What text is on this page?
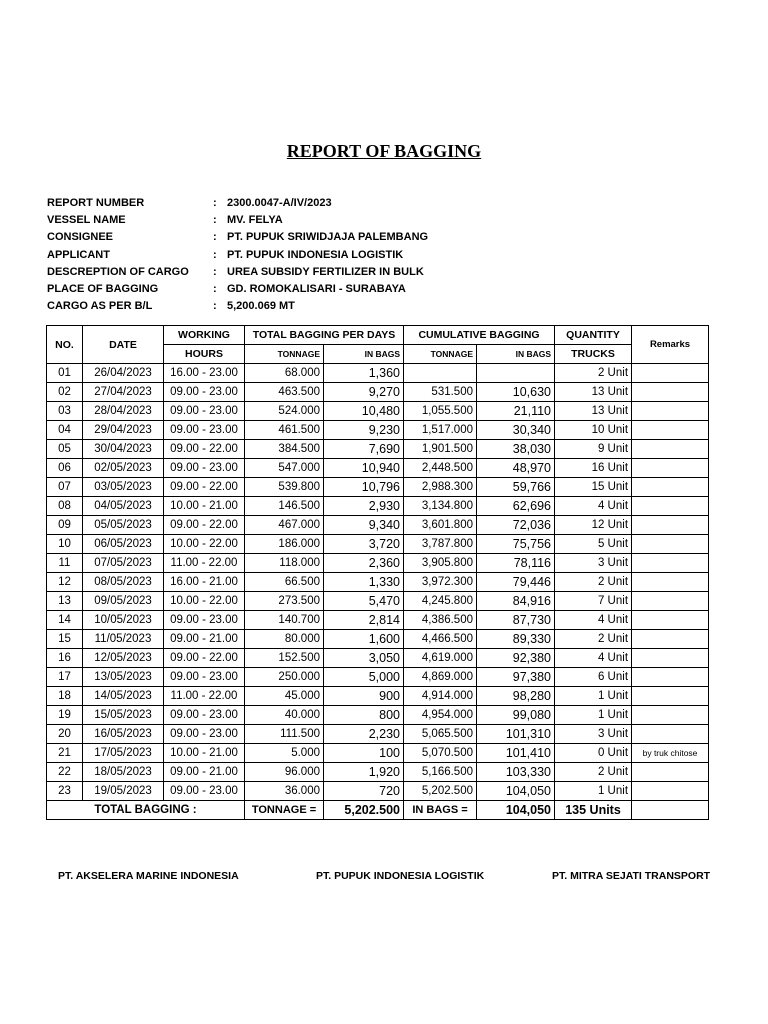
REPORT OF BAGGING
REPORT NUMBER	: 2300.0047-A/IV/2023
VESSEL NAME	: MV. FELYA
CONSIGNEE	: PT. PUPUK SRIWIDJAJA PALEMBANG
APPLICANT	: PT. PUPUK INDONESIA LOGISTIK
DESCREPTION OF CARGO	: UREA SUBSIDY FERTILIZER IN BULK
PLACE OF BAGGING	: GD. ROMOKALISARI - SURABAYA
CARGO AS PER B/L	: 5,200.069 MT
NO.	DATE	WORKING	TOTAL BAGGING PER DAYS		CUMULATIVE BAGGING		QUANTITY	Remarks
		HOURS	TONNAGE	IN BAGS	TONNAGE	IN BAGS	TRUCKS	
01	26/04/2023	16.00 - 23.00	68.000	1,360			2 Unit	
02	27/04/2023	09.00 - 23.00	463.500	9,270	531.500	10,630	13 Unit	
03	28/04/2023	09.00 - 23.00	524.000	10,480	1,055.500	21,110	13 Unit	
04	29/04/2023	09.00 - 23.00	461.500	9,230	1,517.000	30,340	10 Unit	
05	30/04/2023	09.00 - 22.00	384.500	7,690	1,901.500	38,030	9 Unit	
06	02/05/2023	09.00 - 23.00	547.000	10,940	2,448.500	48,970	16 Unit	
07	03/05/2023	09.00 - 22.00	539.800	10,796	2,988.300	59,766	15 Unit	
08	04/05/2023	10.00 - 21.00	146.500	2,930	3,134.800	62,696	4 Unit	
09	05/05/2023	09.00 - 22.00	467.000	9,340	3,601.800	72,036	12 Unit	
10	06/05/2023	10.00 - 22.00	186.000	3,720	3,787.800	75,756	5 Unit	
11	07/05/2023	11.00 - 22.00	118.000	2,360	3,905.800	78,116	3 Unit	
12	08/05/2023	16.00 - 21.00	66.500	1,330	3,972.300	79,446	2 Unit	
13	09/05/2023	10.00 - 22.00	273.500	5,470	4,245.800	84,916	7 Unit	
14	10/05/2023	09.00 - 23.00	140.700	2,814	4,386.500	87,730	4 Unit	
15	11/05/2023	09.00 - 21.00	80.000	1,600	4,466.500	89,330	2 Unit	
16	12/05/2023	09.00 - 22.00	152.500	3,050	4,619.000	92,380	4 Unit	
17	13/05/2023	09.00 - 23.00	250.000	5,000	4,869.000	97,380	6 Unit	
18	14/05/2023	11.00 - 22.00	45.000	900	4,914.000	98,280	1 Unit	
19	15/05/2023	09.00 - 23.00	40.000	800	4,954.000	99,080	1 Unit	
20	16/05/2023	09.00 - 23.00	111.500	2,230	5,065.500	101,310	3 Unit	
21	17/05/2023	10.00 - 21.00	5.000	100	5,070.500	101,410	0 Unit	by truk chitose
22	18/05/2023	09.00 - 21.00	96.000	1,920	5,166.500	103,330	2 Unit	
23	19/05/2023	09.00 - 23.00	36.000	720	5,202.500	104,050	1 Unit	
TOTAL BAGGING :			TONNAGE =	5,202.500	IN BAGS =	104,050	135 Units	
PT. AKSELERA MARINE INDONESIA	PT. PUPUK INDONESIA LOGISTIK	PT. MITRA SEJATI TRANSPORT
